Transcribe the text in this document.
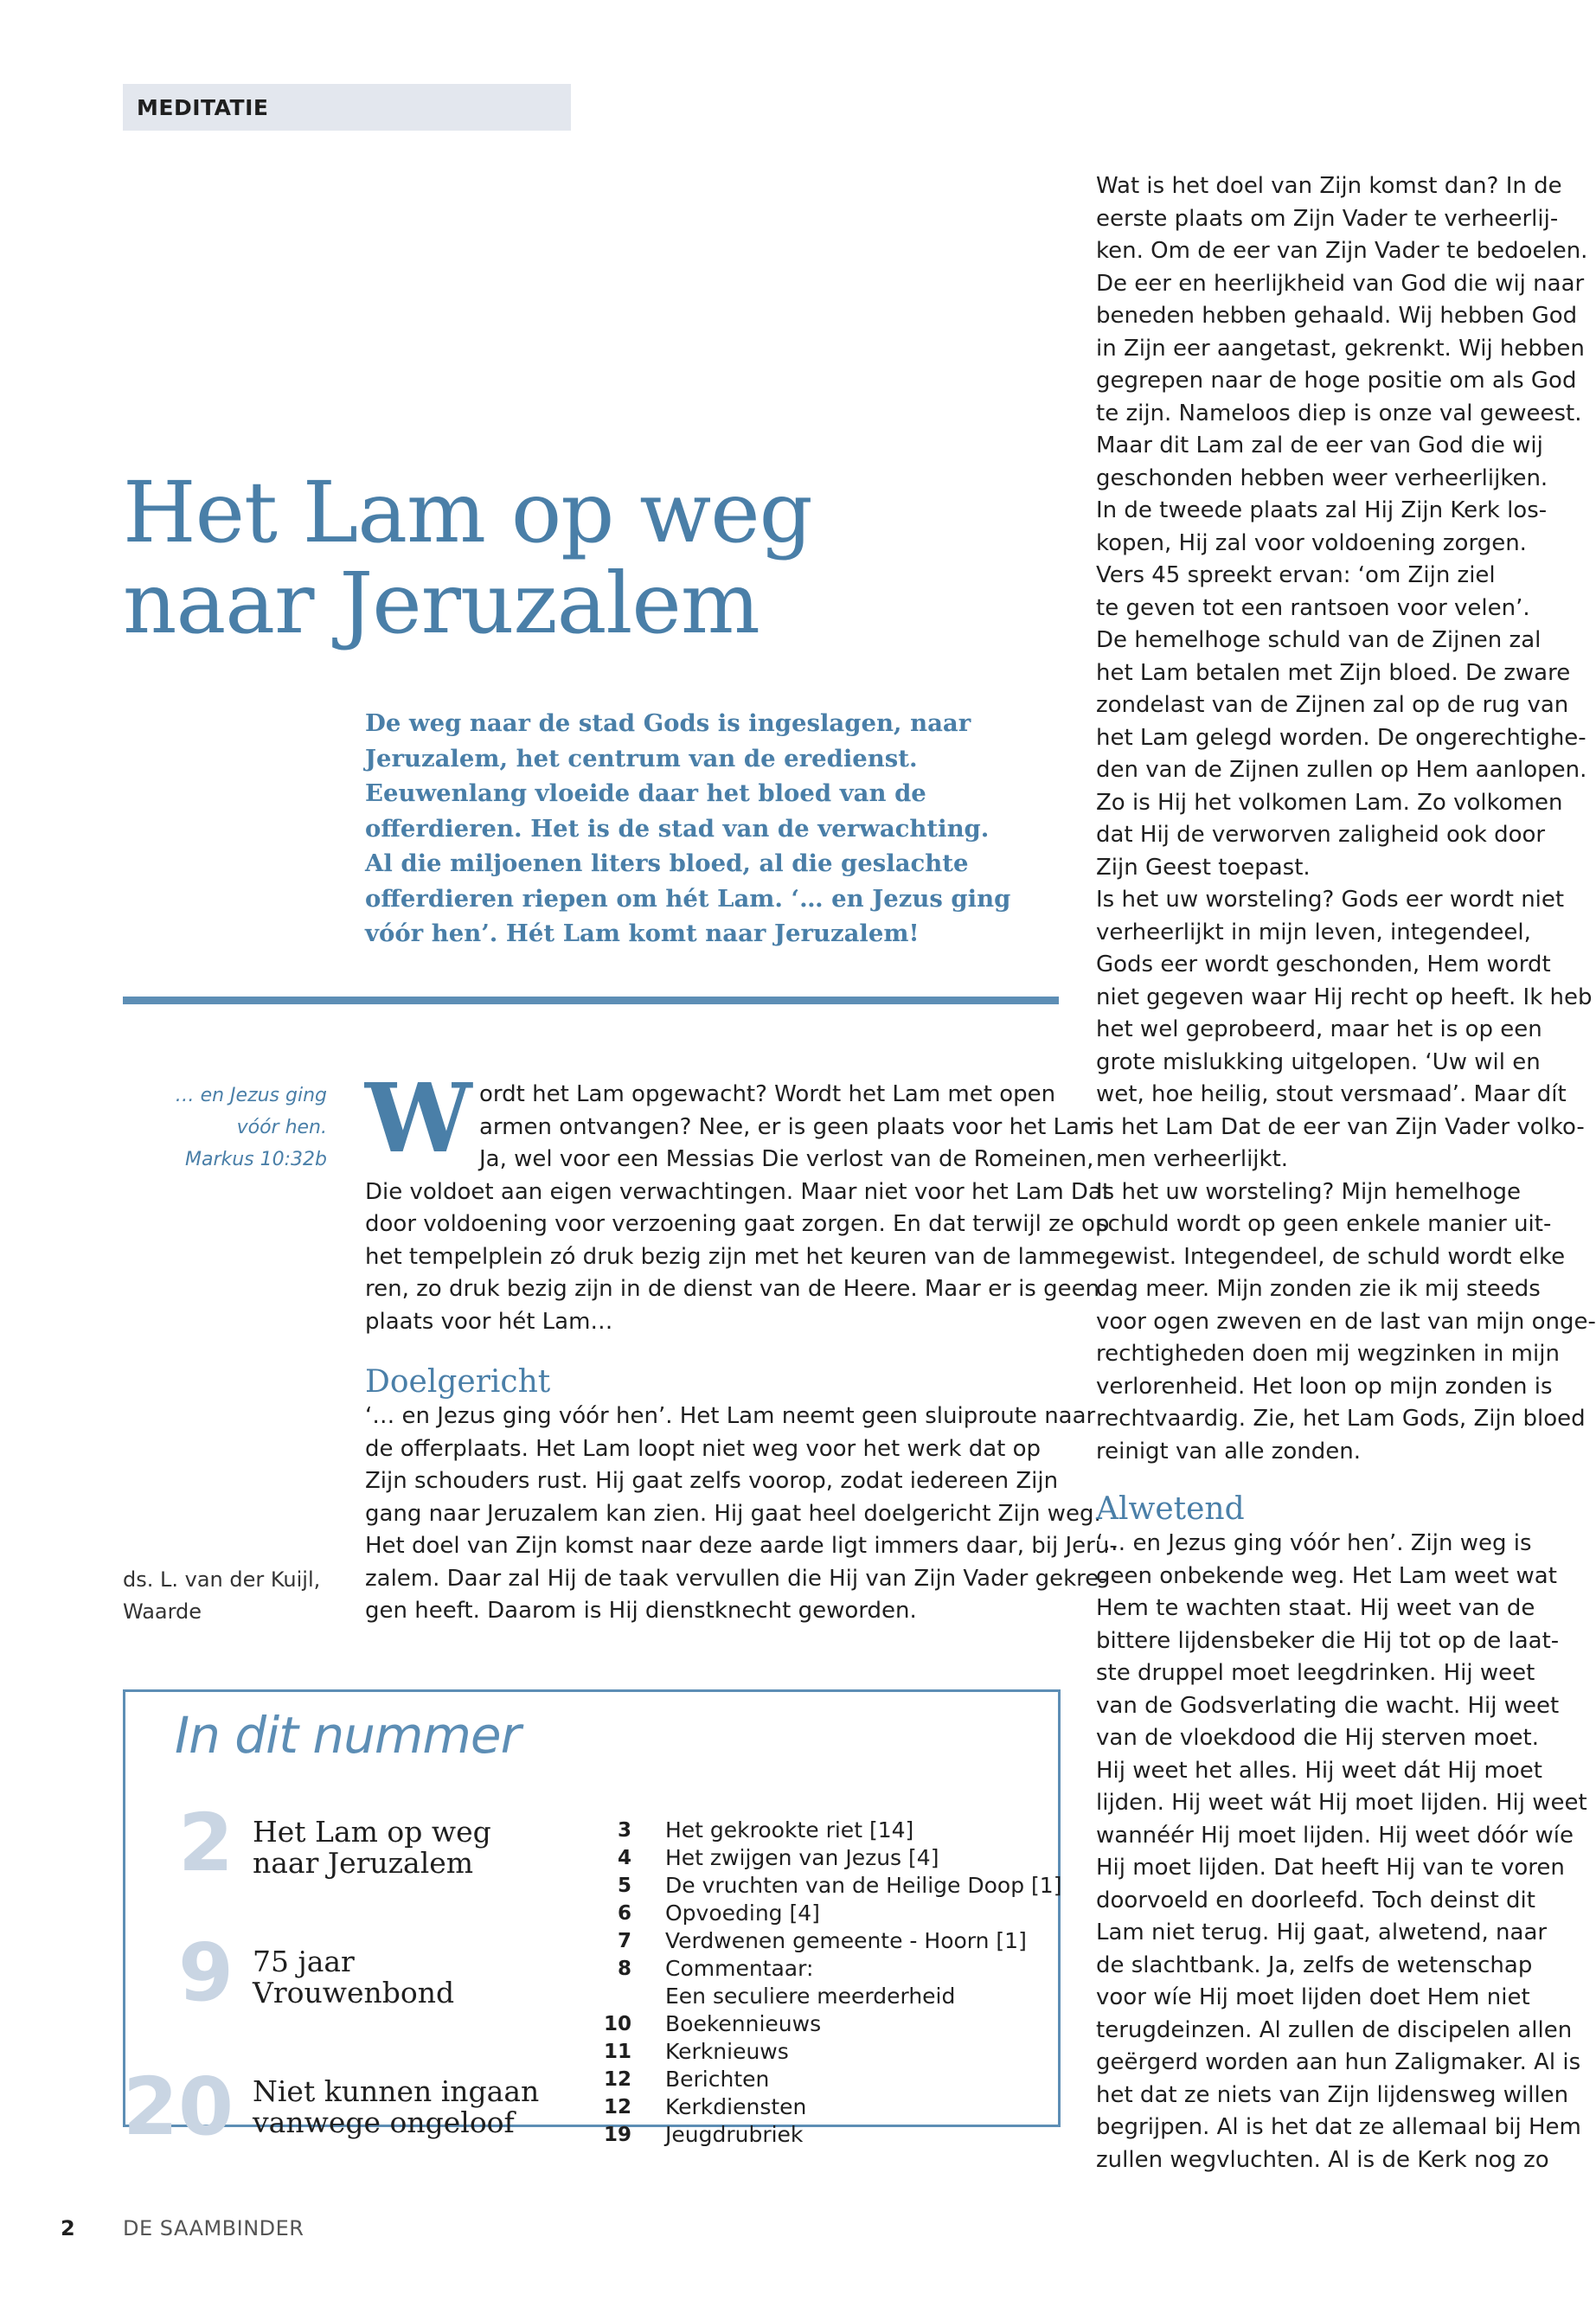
MEDITATIE
Het Lam op weg
naar Jeruzalem
De weg naar de stad Gods is ingeslagen, naar
Jeruzalem, het centrum van de eredienst.
Eeuwenlang vloeide daar het bloed van de
offerdieren. Het is de stad van de verwachting.
Al die miljoenen liters bloed, al die geslachte
offerdieren riepen om hét Lam. ‘… en Jezus ging
vóór hen’. Hét Lam komt naar Jeruzalem!
… en Jezus ging
vóór hen.
Markus 10:32b
ds. L. van der Kuijl,
Waarde
W ordt het Lam opgewacht? Wordt het Lam met open
armen ontvangen? Nee, er is geen plaats voor het Lam.
Ja, wel voor een Messias Die verlost van de Romeinen,
Die voldoet aan eigen verwachtingen. Maar niet voor het Lam Dat
door voldoening voor verzoening gaat zorgen. En dat terwijl ze op
het tempelplein zó druk bezig zijn met het keuren van de lamme-
ren, zo druk bezig zijn in de dienst van de Heere. Maar er is geen
plaats voor hét Lam…
Doelgericht
‘… en Jezus ging vóór hen’. Het Lam neemt geen sluiproute naar
de offerplaats. Het Lam loopt niet weg voor het werk dat op
Zijn schouders rust. Hij gaat zelfs voorop, zodat iedereen Zijn
gang naar Jeruzalem kan zien. Hij gaat heel doelgericht Zijn weg.
Het doel van Zijn komst naar deze aarde ligt immers daar, bij Jeru-
zalem. Daar zal Hij de taak vervullen die Hij van Zijn Vader gekre-
gen heeft. Daarom is Hij dienstknecht geworden.
Wat is het doel van Zijn komst dan? In de
eerste plaats om Zijn Vader te verheerlij-
ken. Om de eer van Zijn Vader te bedoelen.
De eer en heerlijkheid van God die wij naar
beneden hebben gehaald. Wij hebben God
in Zijn eer aangetast, gekrenkt. Wij hebben
gegrepen naar de hoge positie om als God
te zijn. Nameloos diep is onze val geweest.
Maar dit Lam zal de eer van God die wij
geschonden hebben weer verheerlijken.
In de tweede plaats zal Hij Zijn Kerk los-
kopen, Hij zal voor voldoening zorgen.
Vers 45 spreekt ervan: ‘om Zijn ziel
te geven tot een rantsoen voor velen’.
De hemelhoge schuld van de Zijnen zal
het Lam betalen met Zijn bloed. De zware
zondelast van de Zijnen zal op de rug van
het Lam gelegd worden. De ongerechtighe-
den van de Zijnen zullen op Hem aanlopen.
Zo is Hij het volkomen Lam. Zo volkomen
dat Hij de verworven zaligheid ook door
Zijn Geest toepast.
Is het uw worsteling? Gods eer wordt niet
verheerlijkt in mijn leven, integendeel,
Gods eer wordt geschonden, Hem wordt
niet gegeven waar Hij recht op heeft. Ik heb
het wel geprobeerd, maar het is op een
grote mislukking uitgelopen. ‘Uw wil en
wet, hoe heilig, stout versmaad’. Maar dít
is het Lam Dat de eer van Zijn Vader volko-
men verheerlijkt.
Is het uw worsteling? Mijn hemelhoge
schuld wordt op geen enkele manier uit-
gewist. Integendeel, de schuld wordt elke
dag meer. Mijn zonden zie ik mij steeds
voor ogen zweven en de last van mijn onge-
rechtigheden doen mij wegzinken in mijn
verlorenheid. Het loon op mijn zonden is
rechtvaardig. Zie, het Lam Gods, Zijn bloed
reinigt van alle zonden.
Alwetend
‘… en Jezus ging vóór hen’. Zijn weg is
geen onbekende weg. Het Lam weet wat
Hem te wachten staat. Hij weet van de
bittere lijdensbeker die Hij tot op de laat-
ste druppel moet leegdrinken. Hij weet
van de Godsverlating die wacht. Hij weet
van de vloekdood die Hij sterven moet.
Hij weet het alles. Hij weet dát Hij moet
lijden. Hij weet wát Hij moet lijden. Hij weet
wannéér Hij moet lijden. Hij weet dóór wíe
Hij moet lijden. Dat heeft Hij van te voren
doorvoeld en doorleefd. Toch deinst dit
Lam niet terug. Hij gaat, alwetend, naar
de slachtbank. Ja, zelfs de wetenschap
voor wíe Hij moet lijden doet Hem niet
terugdeinzen. Al zullen de discipelen allen
geërgerd worden aan hun Zaligmaker. Al is
het dat ze niets van Zijn lijdensweg willen
begrijpen. Al is het dat ze allemaal bij Hem
zullen wegvluchten. Al is de Kerk nog zo
In dit nummer
2 Het Lam op weg
naar Jeruzalem
9 75 jaar
Vrouwenbond
20 Niet kunnen ingaan
vanwege ongeloof
3 Het gekrookte riet [14]
4 Het zwijgen van Jezus [4]
5 De vruchten van de Heilige Doop [1]
6 Opvoeding [4]
7 Verdwenen gemeente - Hoorn [1]
8 Commentaar:
Een seculiere meerderheid
10 Boekennieuws
11 Kerknieuws
12 Berichten
12 Kerkdiensten
19 Jeugdrubriek
2 DE SAAMBINDER
